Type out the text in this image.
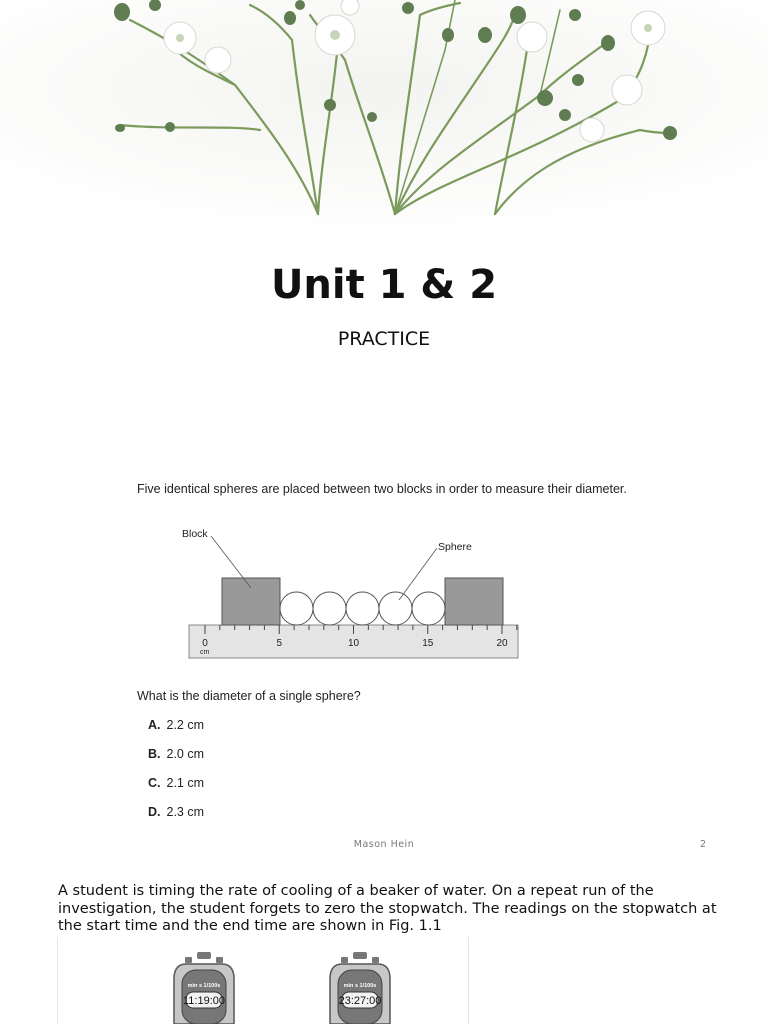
Unit 1 & 2

PRACTICE

Five identical spheres are placed between two blocks in order to measure their diameter.
Block
Sphere
0	5	10	15	20
cm
What is the diameter of a single sphere?
A. 2.2 cm
B. 2.0 cm
C. 2.1 cm
D. 2.3 cm
Mason Hein	2

A student is timing the rate of cooling of a beaker of water. On a repeat run of the investigation, the student forgets to zero the stopwatch. The readings on the stopwatch at the start time and the end time are shown in Fig. 1.1

min s 1/100s
11:19:00
min s 1/100s
23:27:00
